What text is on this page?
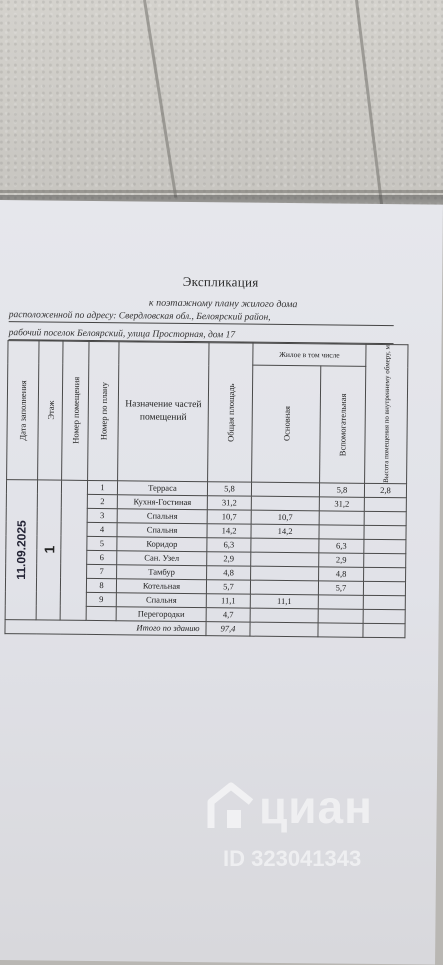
Экспликация
к поэтажному плану жилого дома
расположенной по адресу: Свердловская обл., Белоярский район,
рабочий поселок Белоярский, улица Просторная, дом 17
Дата заполнения	Этаж	Номер помещения	Номер по плану	Назначение частей помещений	Общая площадь	Жилое в том числе		Высота помещения по внутреннему обмеру, м

						Основная	Вспомогательная	

11.09.2025	1		1	Терраса	5,8		5,8	2,8
			2	Кухня-Гостиная	31,2		31,2	
			3	Спальня	10,7	10,7		
			4	Спальня	14,2	14,2		
			5	Коридор	6,3		6,3	
			6	Сан. Узел	2,9		2,9	
			7	Тамбур	4,8		4,8	
			8	Котельная	5,7		5,7	
			9	Спальня	11,1	11,1		
				Перегородки	4,7			
Итого по зданию					97,4			
циан
ID 323041343
